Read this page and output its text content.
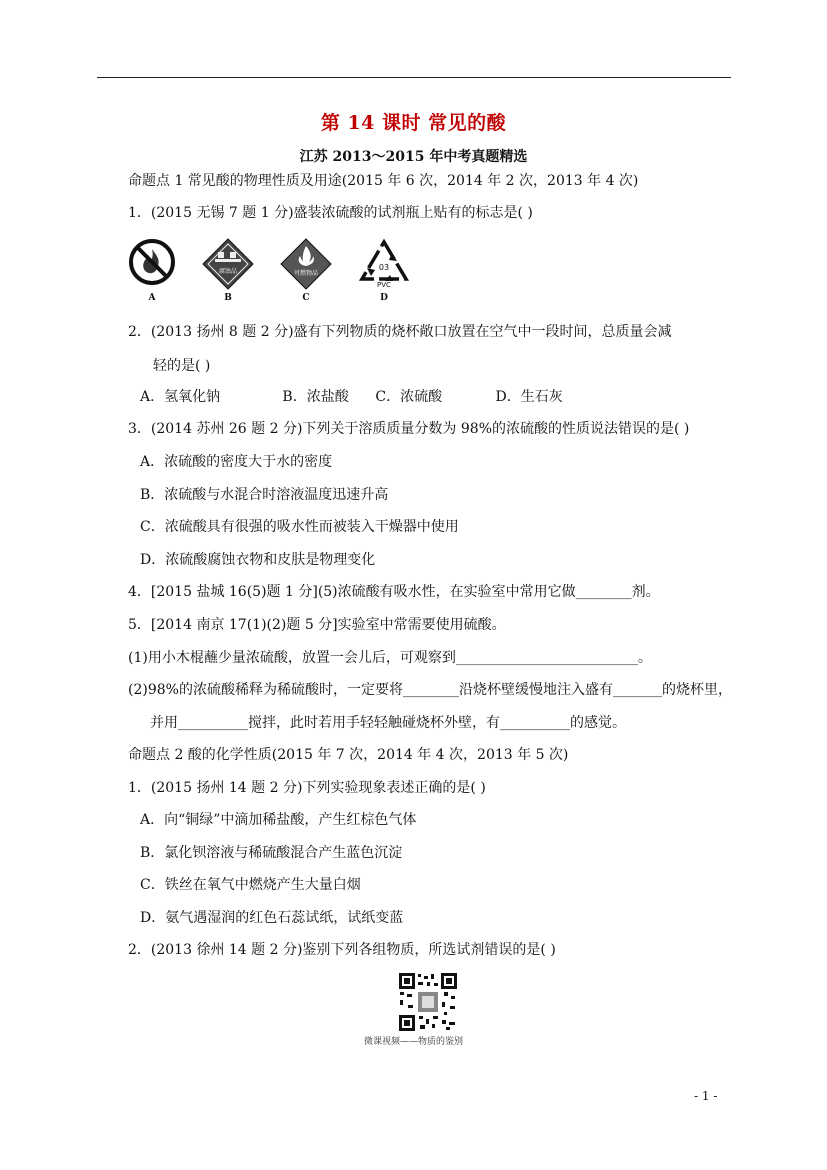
第 14 课时 常见的酸
江苏 2013～2015 年中考真题精选
命题点 1 常见酸的物理性质及用途(2015 年 6 次，2014 年 2 次，2013 年 4 次)
1．(2015 无锡 7 题 1 分)盛装浓硫酸的试剂瓶上贴有的标志是( )
A
腐蚀品
B
可燃物品
C
03
PVC
D
2．(2013 扬州 8 题 2 分)盛有下列物质的烧杯敞口放置在空气中一段时间，总质量会减
轻的是( )
A．氢氧化钠              B．浓盐酸      C．浓硫酸            D．生石灰
3．(2014 苏州 26 题 2 分)下列关于溶质质量分数为 98%的浓硫酸的性质说法错误的是( )
A．浓硫酸的密度大于水的密度
B．浓硫酸与水混合时溶液温度迅速升高
C．浓硫酸具有很强的吸水性而被装入干燥器中使用
D．浓硫酸腐蚀衣物和皮肤是物理变化
4．[2015 盐城 16(5)题 1 分](5)浓硫酸有吸水性，在实验室中常用它做________剂。
5．[2014 南京 17(1)(2)题 5 分]实验室中常需要使用硫酸。
(1)用小木棍蘸少量浓硫酸，放置一会儿后，可观察到__________________________。
(2)98%的浓硫酸稀释为稀硫酸时，一定要将________沿烧杯壁缓慢地注入盛有_______的烧杯里，
并用__________搅拌，此时若用手轻轻触碰烧杯外壁，有__________的感觉。
命题点 2 酸的化学性质(2015 年 7 次，2014 年 4 次，2013 年 5 次)
1．(2015 扬州 14 题 2 分)下列实验现象表述正确的是( )
A．向“铜绿”中滴加稀盐酸，产生红棕色气体
B．氯化钡溶液与稀硫酸混合产生蓝色沉淀
C．铁丝在氧气中燃烧产生大量白烟
D．氨气遇湿润的红色石蕊试纸，试纸变蓝
2．(2013 徐州 14 题 2 分)鉴别下列各组物质，所选试剂错误的是( )
微课视频——物质的鉴别
- 1 -
